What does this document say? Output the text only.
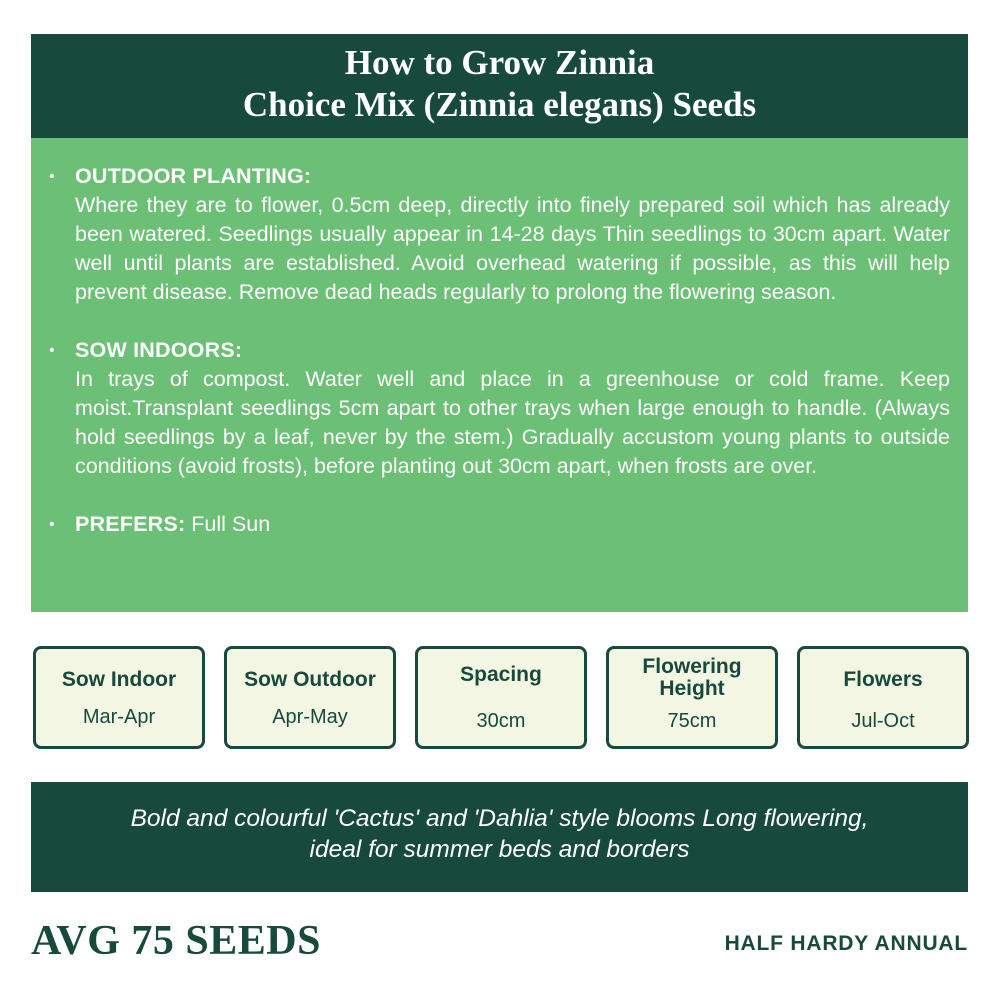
How to Grow Zinnia
Choice Mix (Zinnia elegans) Seeds
• OUTDOOR PLANTING:
Where they are to flower, 0.5cm deep, directly into finely prepared soil which has already been watered. Seedlings usually appear in 14-28 days Thin seedlings to 30cm apart. Water well until plants are established. Avoid overhead watering if possible, as this will help prevent disease. Remove dead heads regularly to prolong the flowering season.
• SOW INDOORS:
In trays of compost. Water well and place in a greenhouse or cold frame. Keep moist.Transplant seedlings 5cm apart to other trays when large enough to handle. (Always hold seedlings by a leaf, never by the stem.) Gradually accustom young plants to outside conditions (avoid frosts), before planting out 30cm apart, when frosts are over.
• PREFERS: Full Sun
Sow Indoor
Mar-Apr
Sow Outdoor
Apr-May
Spacing
30cm
Flowering Height
75cm
Flowers
Jul-Oct
Bold and colourful 'Cactus' and 'Dahlia' style blooms Long flowering,
ideal for summer beds and borders
AVG 75 SEEDS	HALF HARDY ANNUAL
